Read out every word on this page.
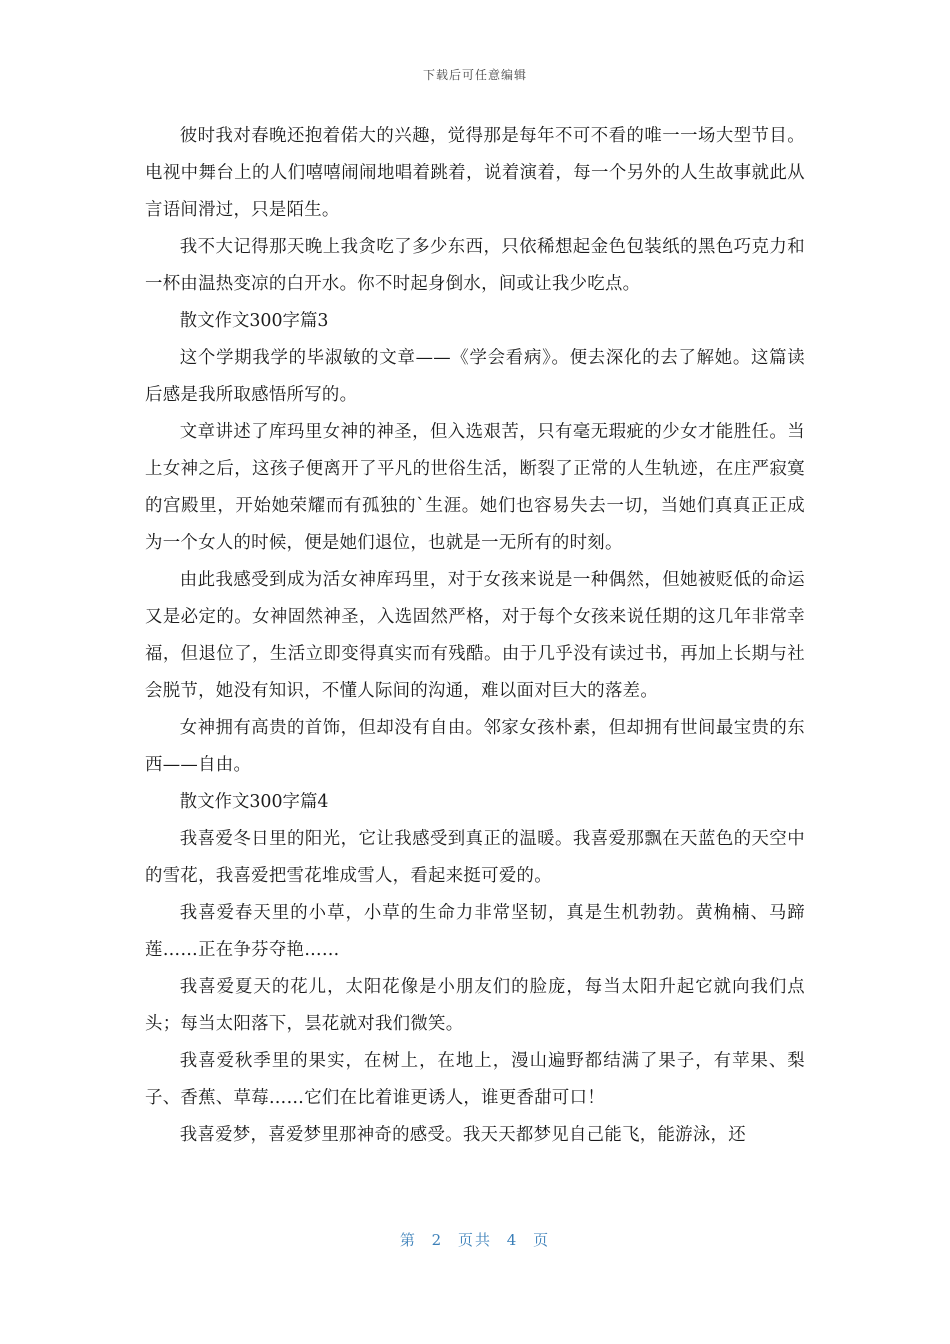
下载后可任意编辑

彼时我对春晚还抱着偌大的兴趣，觉得那是每年不可不看的唯一一场大型节目。电视中舞台上的人们嘻嘻闹闹地唱着跳着，说着演着，每一个另外的人生故事就此从言语间滑过，只是陌生。

我不大记得那天晚上我贪吃了多少东西，只依稀想起金色包装纸的黑色巧克力和一杯由温热变凉的白开水。你不时起身倒水，间或让我少吃点。

散文作文300字篇3

这个学期我学的毕淑敏的文章——《学会看病》。便去深化的去了解她。这篇读后感是我所取感悟所写的。

文章讲述了库玛里女神的神圣，但入选艰苦，只有毫无瑕疵的少女才能胜任。当上女神之后，这孩子便离开了平凡的世俗生活，断裂了正常的人生轨迹，在庄严寂寞的宫殿里，开始她荣耀而有孤独的`生涯。她们也容易失去一切，当她们真真正正成为一个女人的时候，便是她们退位，也就是一无所有的时刻。

由此我感受到成为活女神库玛里，对于女孩来说是一种偶然，但她被贬低的命运又是必定的。女神固然神圣，入选固然严格，对于每个女孩来说任期的这几年非常幸福，但退位了，生活立即变得真实而有残酷。由于几乎没有读过书，再加上长期与社会脱节，她没有知识，不懂人际间的沟通，难以面对巨大的落差。

女神拥有高贵的首饰，但却没有自由。邻家女孩朴素，但却拥有世间最宝贵的东西——自由。

散文作文300字篇4

我喜爱冬日里的阳光，它让我感受到真正的温暖。我喜爱那飘在天蓝色的天空中的雪花，我喜爱把雪花堆成雪人，看起来挺可爱的。

我喜爱春天里的小草，小草的生命力非常坚韧，真是生机勃勃。黄桷楠、马蹄莲……正在争芬夺艳……

我喜爱夏天的花儿，太阳花像是小朋友们的脸庞，每当太阳升起它就向我们点头；每当太阳落下，昙花就对我们微笑。

我喜爱秋季里的果实，在树上，在地上，漫山遍野都结满了果子，有苹果、梨子、香蕉、草莓……它们在比着谁更诱人，谁更香甜可口！

我喜爱梦，喜爱梦里那神奇的感受。我天天都梦见自己能飞，能游泳，还

第 2 页共 4 页
